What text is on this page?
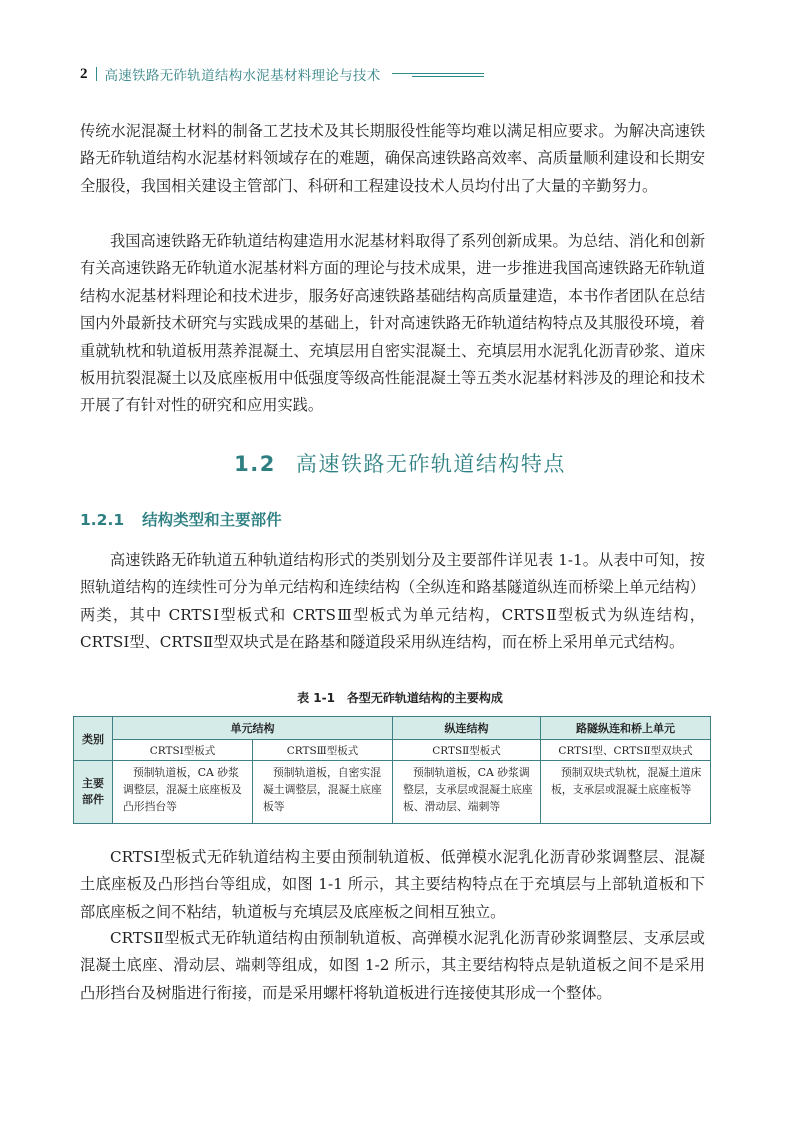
2 高速铁路无砟轨道结构水泥基材料理论与技术

传统水泥混凝土材料的制备工艺技术及其长期服役性能等均难以满足相应要求。为解决高速铁路无砟轨道结构水泥基材料领域存在的难题，确保高速铁路高效率、高质量顺利建设和长期安全服役，我国相关建设主管部门、科研和工程建设技术人员均付出了大量的辛勤努力。

我国高速铁路无砟轨道结构建造用水泥基材料取得了系列创新成果。为总结、消化和创新有关高速铁路无砟轨道水泥基材料方面的理论与技术成果，进一步推进我国高速铁路无砟轨道结构水泥基材料理论和技术进步，服务好高速铁路基础结构高质量建造，本书作者团队在总结国内外最新技术研究与实践成果的基础上，针对高速铁路无砟轨道结构特点及其服役环境，着重就轨枕和轨道板用蒸养混凝土、充填层用自密实混凝土、充填层用水泥乳化沥青砂浆、道床板用抗裂混凝土以及底座板用中低强度等级高性能混凝土等五类水泥基材料涉及的理论和技术开展了有针对性的研究和应用实践。

1.2 高速铁路无砟轨道结构特点
1.2.1 结构类型和主要部件

高速铁路无砟轨道五种轨道结构形式的类别划分及主要部件详见表 1-1。从表中可知，按照轨道结构的连续性可分为单元结构和连续结构（全纵连和路基隧道纵连而桥梁上单元结构）两类，其中 CRTSⅠ型板式和 CRTSⅢ型板式为单元结构，CRTSⅡ型板式为纵连结构，CRTSⅠ型、CRTSⅡ型双块式是在路基和隧道段采用纵连结构，而在桥上采用单元式结构。

表 1-1 各型无砟轨道结构的主要构成
类别	单元结构		纵连结构	路隧纵连和桥上单元
	CRTSⅠ型板式	CRTSⅢ型板式	CRTSⅡ型板式	CRTSⅠ型、CRTSⅡ型双块式

主要
部件	预制轨道板，CA 砂浆调整层，混凝土底座板及凸形挡台等	预制轨道板，自密实混凝土调整层，混凝土底座板等	预制轨道板，CA 砂浆调整层，支承层或混凝土底座板、滑动层、端刺等	预制双块式轨枕，混凝土道床板，支承层或混凝土底座板等

CRTSⅠ型板式无砟轨道结构主要由预制轨道板、低弹模水泥乳化沥青砂浆调整层、混凝土底座板及凸形挡台等组成，如图 1-1 所示，其主要结构特点在于充填层与上部轨道板和下部底座板之间不粘结，轨道板与充填层及底座板之间相互独立。

CRTSⅡ型板式无砟轨道结构由预制轨道板、高弹模水泥乳化沥青砂浆调整层、支承层或混凝土底座、滑动层、端刺等组成，如图 1-2 所示，其主要结构特点是轨道板之间不是采用凸形挡台及树脂进行衔接，而是采用螺杆将轨道板进行连接使其形成一个整体。
